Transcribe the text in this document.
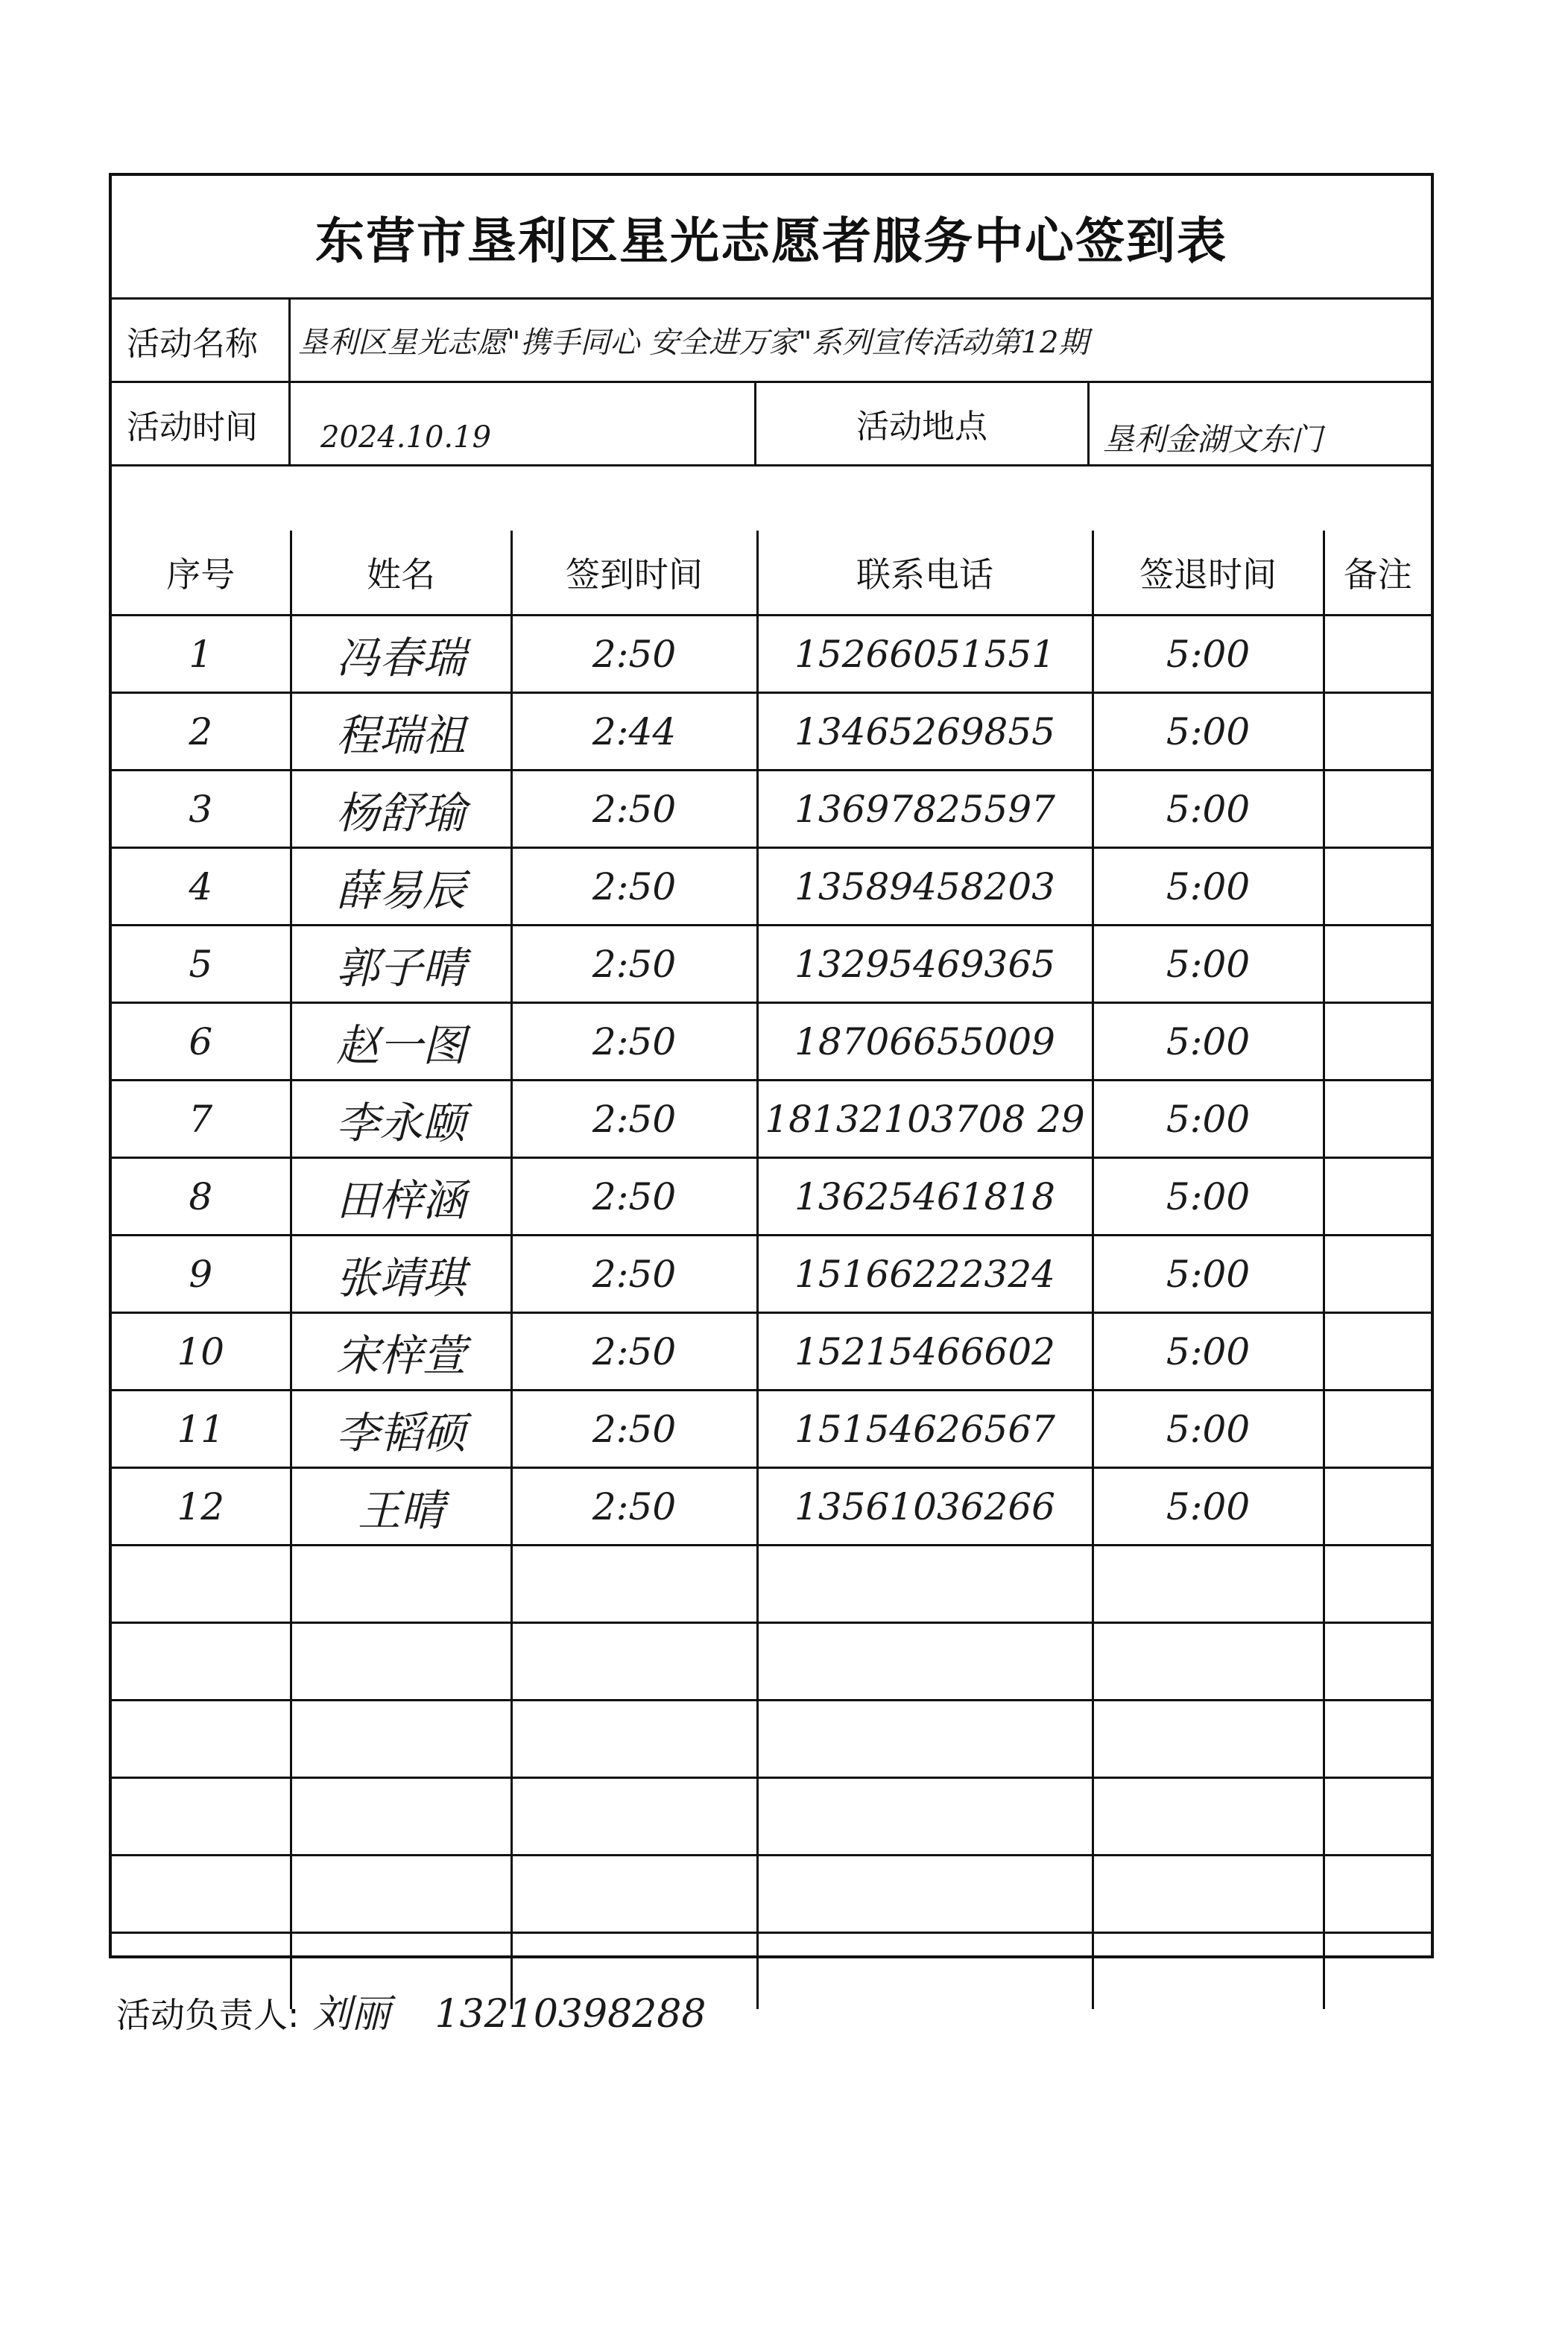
东营市垦利区星光志愿者服务中心签到表
活动名称	垦利区星光志愿"携手同心 安全进万家"系列宣传活动第12期
活动时间	2024.10.19	活动地点	垦利金湖文东门
序号	姓名	签到时间	联系电话	签退时间	备注
1	冯春瑞	2:50	15266051551	5:00	
2	程瑞祖	2:44	13465269855	5:00	
3	杨舒瑜	2:50	13697825597	5:00	
4	薛易辰	2:50	13589458203	5:00	
5	郭子晴	2:50	13295469365	5:00	
6	赵一图	2:50	18706655009	5:00	
7	李永颐	2:50	18132103708 29	5:00	
8	田梓涵	2:50	13625461818	5:00	
9	张靖琪	2:50	15166222324	5:00	
10	宋梓萱	2:50	15215466602	5:00	
11	李韬硕	2:50	15154626567	5:00	
12	王晴	2:50	13561036266	5:00	

活动负责人: 刘丽 13210398288
